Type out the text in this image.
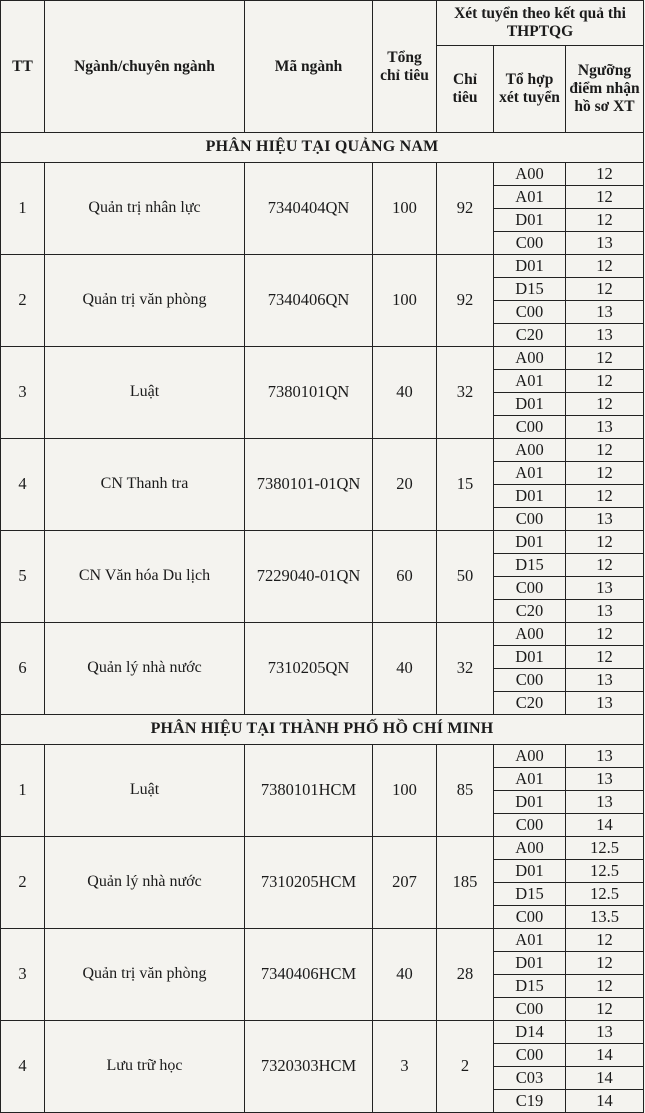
TT	Ngành/chuyên ngành	Mã ngành	Tổng chỉ tiêu	Xét tuyển theo kết quả thi THPTQG		
				Chỉ tiêu	Tổ hợp xét tuyển	Ngưỡng điểm nhận hồ sơ XT
PHÂN HIỆU TẠI QUẢNG NAM						
1	Quản trị nhân lực	7340404QN	100	92	A00	12
					A01	12
					D01	12
					C00	13
2	Quản trị văn phòng	7340406QN	100	92	D01	12
					D15	12
					C00	13
					C20	13
3	Luật	7380101QN	40	32	A00	12
					A01	12
					D01	12
					C00	13
4	CN Thanh tra	7380101-01QN	20	15	A00	12
					A01	12
					D01	12
					C00	13
5	CN Văn hóa Du lịch	7229040-01QN	60	50	D01	12
					D15	12
					C00	13
					C20	13
6	Quản lý nhà nước	7310205QN	40	32	A00	12
					D01	12
					C00	13
					C20	13
PHÂN HIỆU TẠI THÀNH PHỐ HỒ CHÍ MINH						
1	Luật	7380101HCM	100	85	A00	13
					A01	13
					D01	13
					C00	14
2	Quản lý nhà nước	7310205HCM	207	185	A00	12.5
					D01	12.5
					D15	12.5
					C00	13.5
3	Quản trị văn phòng	7340406HCM	40	28	A01	12
					D01	12
					D15	12
					C00	12
4	Lưu trữ học	7320303HCM	3	2	D14	13
					C00	14
					C03	14
					C19	14
